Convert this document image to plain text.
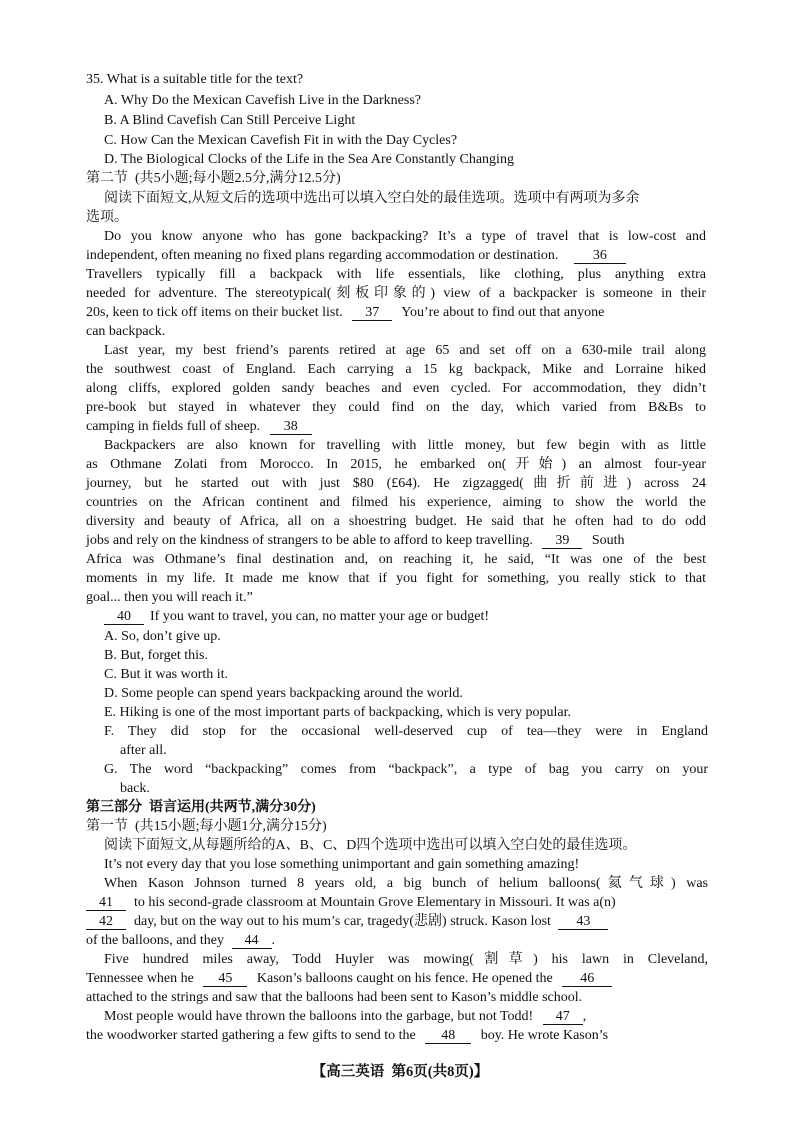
35. What is a suitable title for the text?
A. Why Do the Mexican Cavefish Live in the Darkness?
B. A Blind Cavefish Can Still Perceive Light
C. How Can the Mexican Cavefish Fit in with the Day Cycles?
D. The Biological Clocks of the Life in the Sea Are Constantly Changing
第二节  (共5小题;每小题2.5分,满分12.5分)
阅读下面短文,从短文后的选项中选出可以填入空白处的最佳选项。选项中有两项为多余
选项。
Do you know anyone who has gone backpacking? It’s a type of travel that is low-cost and
independent, often meaning no fixed plans regarding accommodation or destination. 36
Travellers typically fill a backpack with life essentials, like clothing, plus anything extra
needed for adventure. The stereotypical(刻板印象的) view of a backpacker is someone in their
20s, keen to tick off items on their bucket list. 37 You’re about to find out that anyone
can backpack.
Last year, my best friend’s parents retired at age 65 and set off on a 630-mile trail along
the southwest coast of England. Each carrying a 15 kg backpack, Mike and Lorraine hiked
along cliffs, explored golden sandy beaches and even cycled. For accommodation, they didn’t
pre-book but stayed in whatever they could find on the day, which varied from B&Bs to
camping in fields full of sheep. 38
Backpackers are also known for travelling with little money, but few begin with as little
as Othmane Zolati from Morocco. In 2015, he embarked on(开始) an almost four-year
journey, but he started out with just $80 (£64). He zigzagged(曲折前进) across 24
countries on the African continent and filmed his experience, aiming to show the world the
diversity and beauty of Africa, all on a shoestring budget. He said that he often had to do odd
jobs and rely on the kindness of strangers to be able to afford to keep travelling. 39 South
Africa was Othmane’s final destination and, on reaching it, he said, “It was one of the best
moments in my life. It made me know that if you fight for something, you really stick to that
goal... then you will reach it.”
40 If you want to travel, you can, no matter your age or budget!
A. So, don’t give up.
B. But, forget this.
C. But it was worth it.
D. Some people can spend years backpacking around the world.
E. Hiking is one of the most important parts of backpacking, which is very popular.
F. They did stop for the occasional well-deserved cup of tea—they were in England
after all.
G. The word “backpacking” comes from “backpack”, a type of bag you carry on your
back.
第三部分  语言运用(共两节,满分30分)
第一节  (共15小题;每小题1分,满分15分)
阅读下面短文,从每题所给的A、B、C、D四个选项中选出可以填入空白处的最佳选项。
It’s not every day that you lose something unimportant and gain something amazing!
When Kason Johnson turned 8 years old, a big bunch of helium balloons(氦气球) was
41 to his second-grade classroom at Mountain Grove Elementary in Missouri. It was a(n)
42 day, but on the way out to his mum’s car, tragedy(悲剧) struck. Kason lost 43
of the balloons, and they 44 .
Five hundred miles away, Todd Huyler was mowing(割草) his lawn in Cleveland,
Tennessee when he 45 Kason’s balloons caught on his fence. He opened the 46
attached to the strings and saw that the balloons had been sent to Kason’s middle school.
Most people would have thrown the balloons into the garbage, but not Todd! 47 ,
the woodworker started gathering a few gifts to send to the 48 boy. He wrote Kason’s
【高三英语  第6页(共8页)】
